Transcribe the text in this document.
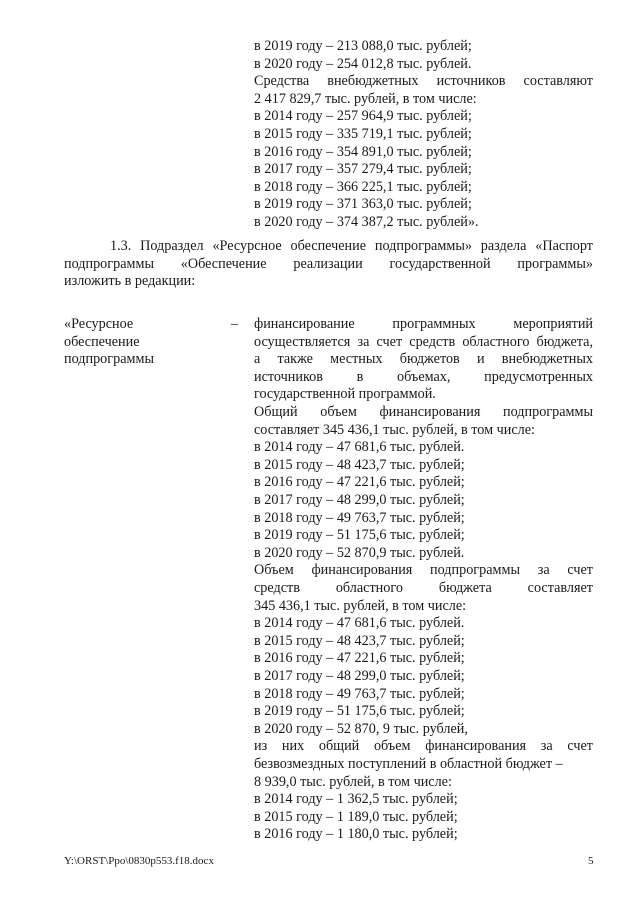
в 2019 году – 213 088,0 тыс. рублей;
в 2020 году – 254 012,8 тыс. рублей.
Средства внебюджетных источников составляют
2 417 829,7 тыс. рублей, в том числе:
в 2014 году – 257 964,9 тыс. рублей;
в 2015 году – 335 719,1 тыс. рублей;
в 2016 году – 354 891,0 тыс. рублей;
в 2017 году – 357 279,4 тыс. рублей;
в 2018 году – 366 225,1 тыс. рублей;
в 2019 году – 371 363,0 тыс. рублей;
в 2020 году – 374 387,2 тыс. рублей».
1.3. Подраздел «Ресурсное обеспечение подпрограммы» раздела «Паспорт
подпрограммы «Обеспечение реализации государственной программы»
изложить в редакции:
«Ресурсное
обеспечение
подпрограммы
– финансирование программных мероприятий
осуществляется за счет средств областного бюджета,
а также местных бюджетов и внебюджетных
источников в объемах, предусмотренных
государственной программой.
Общий объем финансирования подпрограммы
составляет 345 436,1 тыс. рублей, в том числе:
в 2014 году – 47 681,6 тыс. рублей.
в 2015 году – 48 423,7 тыс. рублей;
в 2016 году – 47 221,6 тыс. рублей;
в 2017 году – 48 299,0 тыс. рублей;
в 2018 году – 49 763,7 тыс. рублей;
в 2019 году – 51 175,6 тыс. рублей;
в 2020 году – 52 870,9 тыс. рублей.
Объем финансирования подпрограммы за счет
средств областного бюджета составляет
345 436,1 тыс. рублей, в том числе:
в 2014 году – 47 681,6 тыс. рублей.
в 2015 году – 48 423,7 тыс. рублей;
в 2016 году – 47 221,6 тыс. рублей;
в 2017 году – 48 299,0 тыс. рублей;
в 2018 году – 49 763,7 тыс. рублей;
в 2019 году – 51 175,6 тыс. рублей;
в 2020 году – 52 870, 9 тыс. рублей,
из них общий объем финансирования за счет
безвозмездных поступлений в областной бюджет –
8 939,0 тыс. рублей, в том числе:
в 2014 году – 1 362,5 тыс. рублей;
в 2015 году – 1 189,0 тыс. рублей;
в 2016 году – 1 180,0 тыс. рублей;
Y:\ORST\Ppo\0830p553.f18.docx	5
